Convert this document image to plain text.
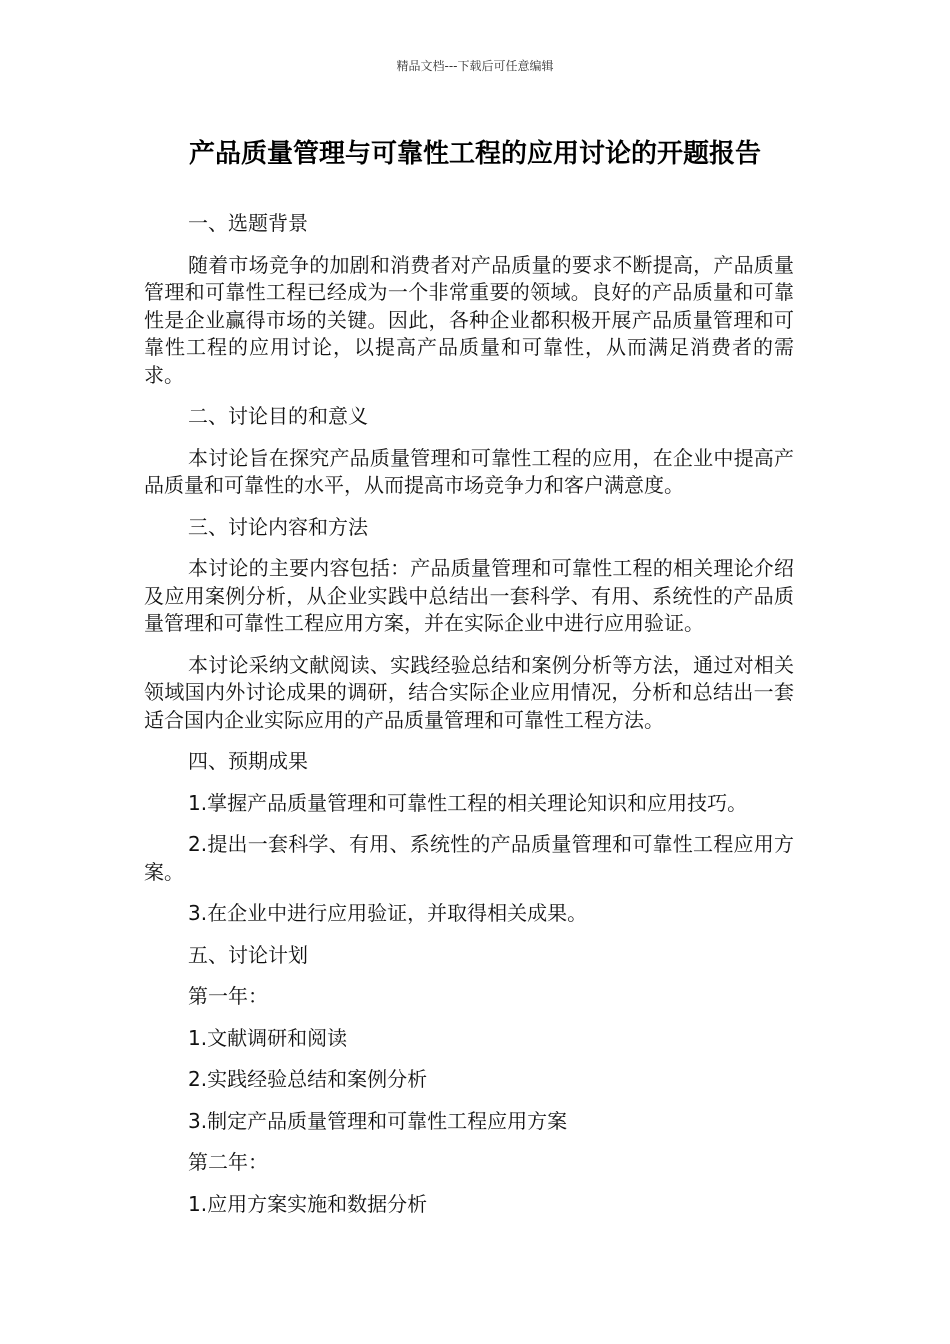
精品文档---下载后可任意编辑
产品质量管理与可靠性工程的应用讨论的开题报告

一、选题背景

随着市场竞争的加剧和消费者对产品质量的要求不断提高，产品质量管理和可靠性工程已经成为一个非常重要的领域。良好的产品质量和可靠性是企业赢得市场的关键。因此，各种企业都积极开展产品质量管理和可靠性工程的应用讨论，以提高产品质量和可靠性，从而满足消费者的需求。

二、讨论目的和意义

本讨论旨在探究产品质量管理和可靠性工程的应用，在企业中提高产品质量和可靠性的水平，从而提高市场竞争力和客户满意度。

三、讨论内容和方法

本讨论的主要内容包括：产品质量管理和可靠性工程的相关理论介绍及应用案例分析，从企业实践中总结出一套科学、有用、系统性的产品质量管理和可靠性工程应用方案，并在实际企业中进行应用验证。

本讨论采纳文献阅读、实践经验总结和案例分析等方法，通过对相关领域国内外讨论成果的调研，结合实际企业应用情况，分析和总结出一套适合国内企业实际应用的产品质量管理和可靠性工程方法。

四、预期成果

1.掌握产品质量管理和可靠性工程的相关理论知识和应用技巧。

2.提出一套科学、有用、系统性的产品质量管理和可靠性工程应用方案。

3.在企业中进行应用验证，并取得相关成果。

五、讨论计划

第一年：

1.文献调研和阅读

2.实践经验总结和案例分析

3.制定产品质量管理和可靠性工程应用方案

第二年：

1.应用方案实施和数据分析
